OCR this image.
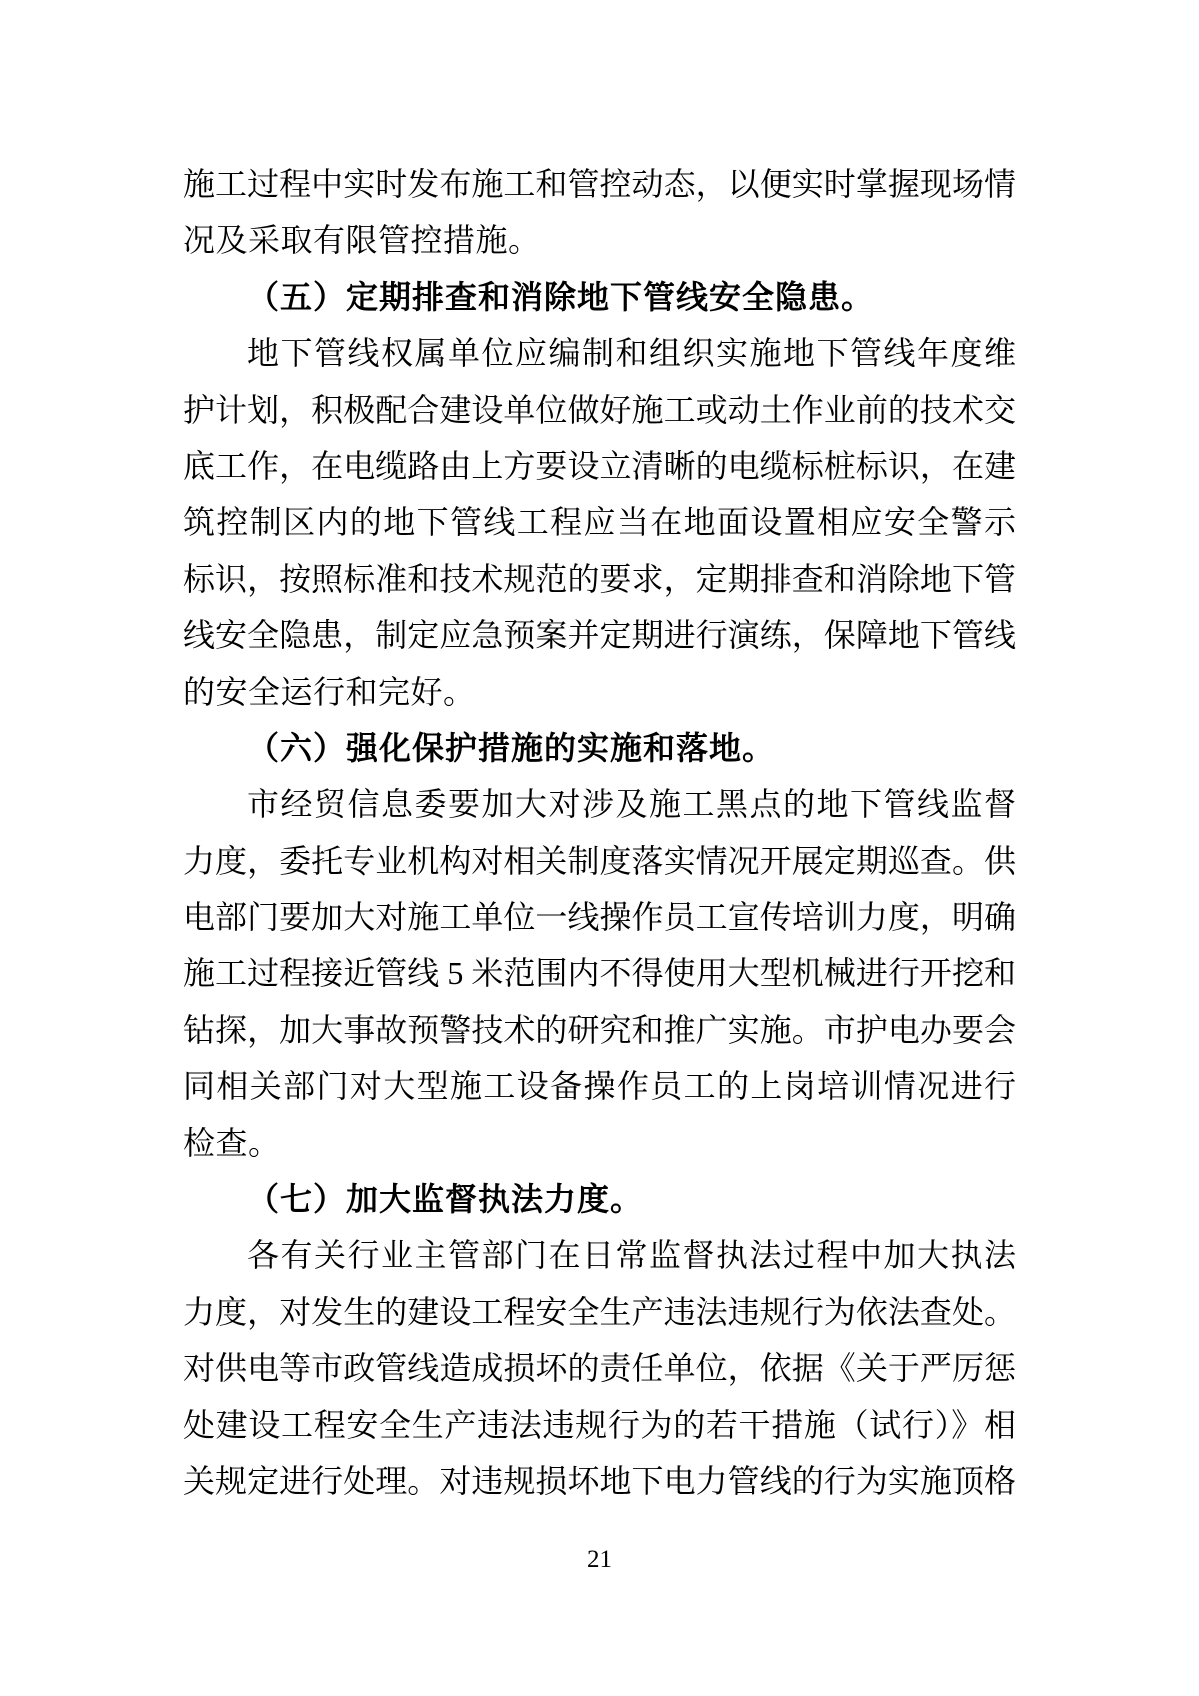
施工过程中实时发布施工和管控动态，以便实时掌握现场情
况及采取有限管控措施。
（五）定期排查和消除地下管线安全隐患。
地下管线权属单位应编制和组织实施地下管线年度维
护计划，积极配合建设单位做好施工或动土作业前的技术交
底工作，在电缆路由上方要设立清晰的电缆标桩标识，在建
筑控制区内的地下管线工程应当在地面设置相应安全警示
标识，按照标准和技术规范的要求，定期排查和消除地下管
线安全隐患，制定应急预案并定期进行演练，保障地下管线
的安全运行和完好。
（六）强化保护措施的实施和落地。
市经贸信息委要加大对涉及施工黑点的地下管线监督
力度，委托专业机构对相关制度落实情况开展定期巡查。供
电部门要加大对施工单位一线操作员工宣传培训力度，明确
施工过程接近管线 5 米范围内不得使用大型机械进行开挖和
钻探，加大事故预警技术的研究和推广实施。市护电办要会
同相关部门对大型施工设备操作员工的上岗培训情况进行
检查。
（七）加大监督执法力度。
各有关行业主管部门在日常监督执法过程中加大执法
力度，对发生的建设工程安全生产违法违规行为依法查处。
对供电等市政管线造成损坏的责任单位，依据《关于严厉惩
处建设工程安全生产违法违规行为的若干措施（试行）》相
关规定进行处理。对违规损坏地下电力管线的行为实施顶格
21
